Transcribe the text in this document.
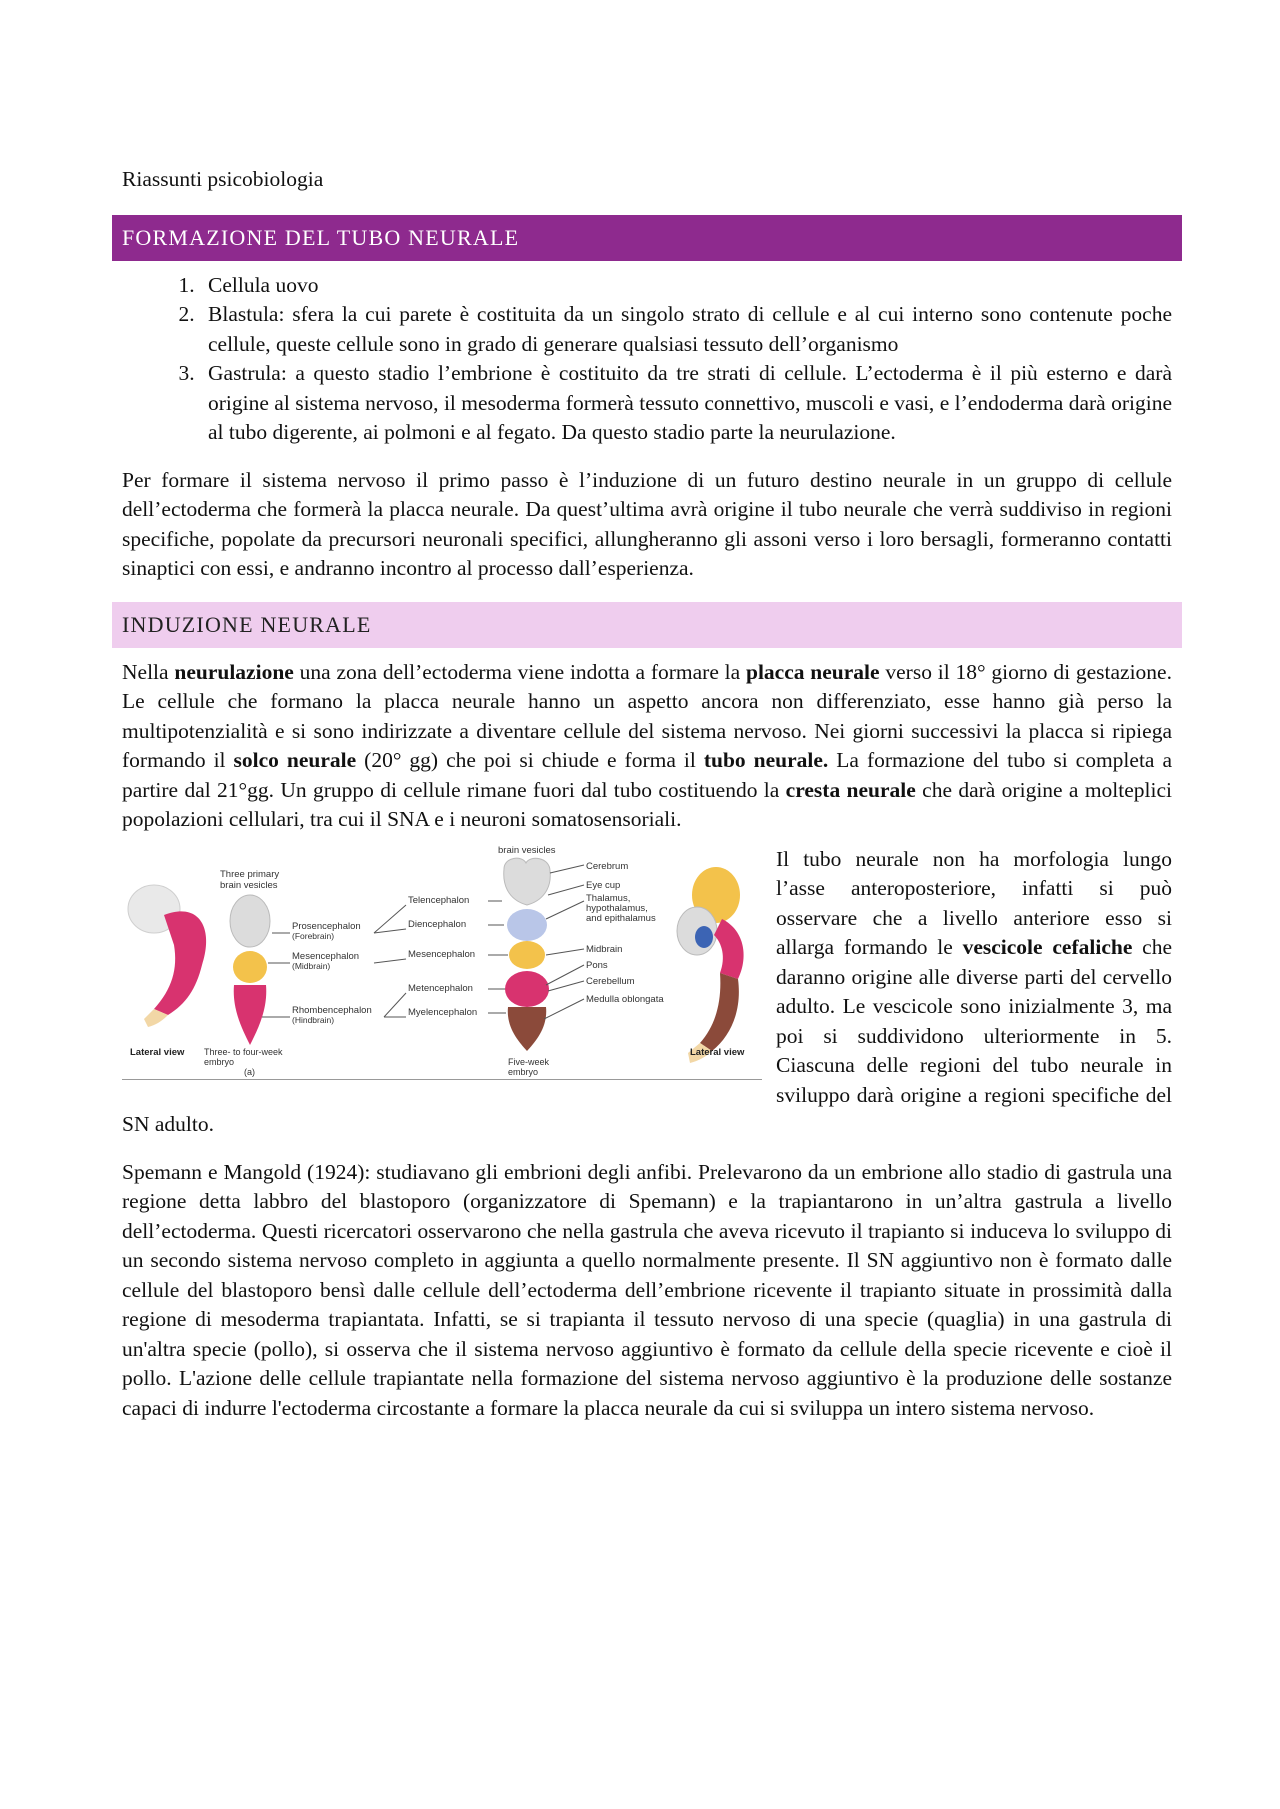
Riassunti psicobiologia
FORMAZIONE DEL TUBO NEURALE
1. Cellula uovo
2. Blastula: sfera la cui parete è costituita da un singolo strato di cellule e al cui interno sono contenute poche cellule, queste cellule sono in grado di generare qualsiasi tessuto dell’organismo
3. Gastrula: a questo stadio l’embrione è costituito da tre strati di cellule. L’ectoderma è il più esterno e darà origine al sistema nervoso, il mesoderma formerà tessuto connettivo, muscoli e vasi, e l’endoderma darà origine al tubo digerente, ai polmoni e al fegato. Da questo stadio parte la neurulazione.

Per formare il sistema nervoso il primo passo è l’induzione di un futuro destino neurale in un gruppo di cellule dell’ectoderma che formerà la placca neurale. Da quest’ultima avrà origine il tubo neurale che verrà suddiviso in regioni specifiche, popolate da precursori neuronali specifici, allungheranno gli assoni verso i loro bersagli, formeranno contatti sinaptici con essi, e andranno incontro al processo dall’esperienza.

INDUZIONE NEURALE

Nella neurulazione una zona dell’ectoderma viene indotta a formare la placca neurale verso il 18° giorno di gestazione. Le cellule che formano la placca neurale hanno un aspetto ancora non differenziato, esse hanno già perso la multipotenzialità e si sono indirizzate a diventare cellule del sistema nervoso. Nei giorni successivi la placca si ripiega formando il solco neurale (20° gg) che poi si chiude e forma il tubo neurale. La formazione del tubo si completa a partire dal 21°gg. Un gruppo di cellule rimane fuori dal tubo costituendo la cresta neurale che darà origine a molteplici popolazioni cellulari, tra cui il SNA e i neuroni somatosensoriali.

Lateral view
Three primary
brain vesicles
Prosencephalon
(Forebrain)
Mesencephalon
(Midbrain)
Rhombencephalon
(Hindbrain)
Three- to four-week
embryo
(a)
Telencephalon
Diencephalon
Mesencephalon
Metencephalon
Myelencephalon
brain vesicles
Five-week
embryo
Cerebrum
Eye cup
Thalamus,
hypothalamus,
and epithalamus
Midbrain
Pons
Cerebellum
Medulla oblongata
Lateral view

Il tubo neurale non ha morfologia lungo l’asse anteroposteriore, infatti si può osservare che a livello anteriore esso si allarga formando le vescicole cefaliche che daranno origine alle diverse parti del cervello adulto. Le vescicole sono inizialmente 3, ma poi si suddividono ulteriormente in 5. Ciascuna delle regioni del tubo neurale in sviluppo darà origine a regioni specifiche del SN adulto.

Spemann e Mangold (1924): studiavano gli embrioni degli anfibi. Prelevarono da un embrione allo stadio di gastrula una regione detta labbro del blastoporo (organizzatore di Spemann) e la trapiantarono in un’altra gastrula a livello dell’ectoderma. Questi ricercatori osservarono che nella gastrula che aveva ricevuto il trapianto si induceva lo sviluppo di un secondo sistema nervoso completo in aggiunta a quello normalmente presente. Il SN aggiuntivo non è formato dalle cellule del blastoporo bensì dalle cellule dell’ectoderma dell’embrione ricevente il trapianto situate in prossimità dalla regione di mesoderma trapiantata. Infatti, se si trapianta il tessuto nervoso di una specie (quaglia) in una gastrula di un'altra specie (pollo), si osserva che il sistema nervoso aggiuntivo è formato da cellule della specie ricevente e cioè il pollo. L'azione delle cellule trapiantate nella formazione del sistema nervoso aggiuntivo è la produzione delle sostanze capaci di indurre l'ectoderma circostante a formare la placca neurale da cui si sviluppa un intero sistema nervoso.
